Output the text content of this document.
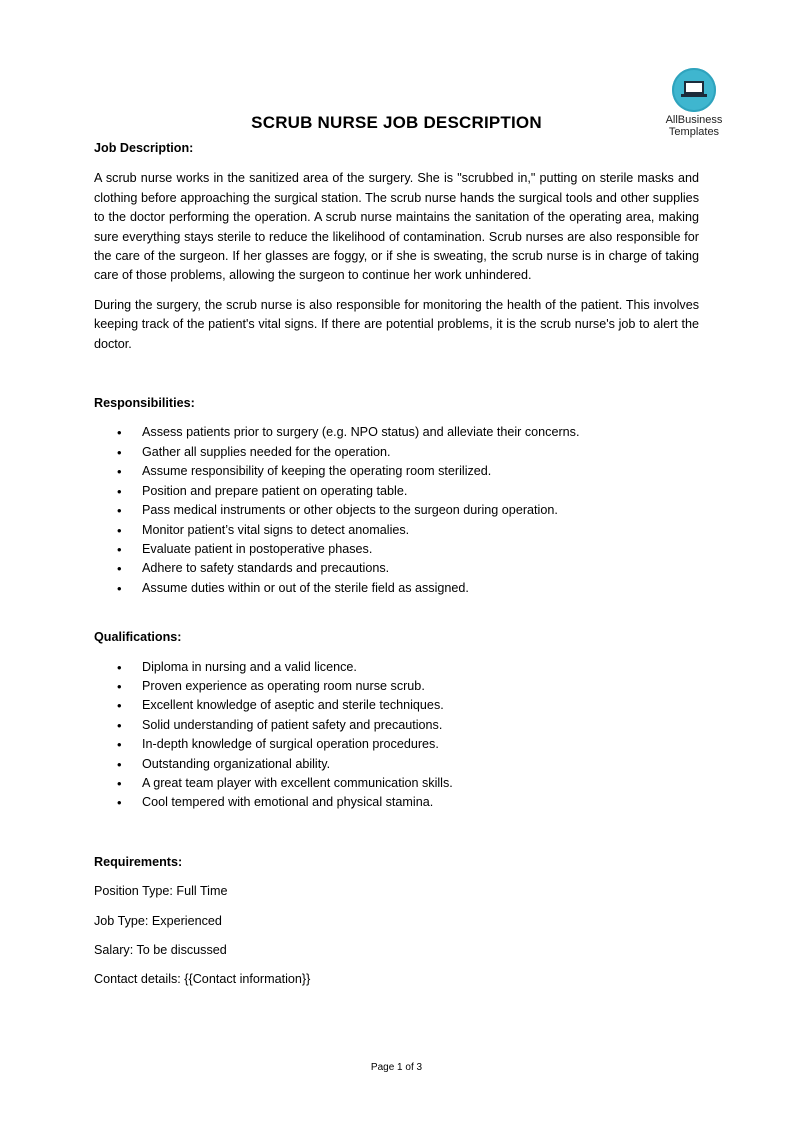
AllBusiness
Templates
SCRUB NURSE JOB DESCRIPTION

Job Description:

A scrub nurse works in the sanitized area of the surgery. She is "scrubbed in," putting on sterile masks and clothing before approaching the surgical station. The scrub nurse hands the surgical tools and other supplies to the doctor performing the operation. A scrub nurse maintains the sanitation of the operating area, making sure everything stays sterile to reduce the likelihood of contamination. Scrub nurses are also responsible for the care of the surgeon. If her glasses are foggy, or if she is sweating, the scrub nurse is in charge of taking care of those problems, allowing the surgeon to continue her work unhindered.

During the surgery, the scrub nurse is also responsible for monitoring the health of the patient. This involves keeping track of the patient's vital signs. If there are potential problems, it is the scrub nurse's job to alert the doctor.

Responsibilities:

• Assess patients prior to surgery (e.g. NPO status) and alleviate their concerns.
• Gather all supplies needed for the operation.
• Assume responsibility of keeping the operating room sterilized.
• Position and prepare patient on operating table.
• Pass medical instruments or other objects to the surgeon during operation.
• Monitor patient’s vital signs to detect anomalies.
• Evaluate patient in postoperative phases.
• Adhere to safety standards and precautions.
• Assume duties within or out of the sterile field as assigned.

Qualifications:

• Diploma in nursing and a valid licence.
• Proven experience as operating room nurse scrub.
• Excellent knowledge of aseptic and sterile techniques.
• Solid understanding of patient safety and precautions.
• In-depth knowledge of surgical operation procedures.
• Outstanding organizational ability.
• A great team player with excellent communication skills.
• Cool tempered with emotional and physical stamina.

Requirements:

Position Type: Full Time

Job Type: Experienced

Salary: To be discussed

Contact details: {{Contact information}}

Page 1 of 3
